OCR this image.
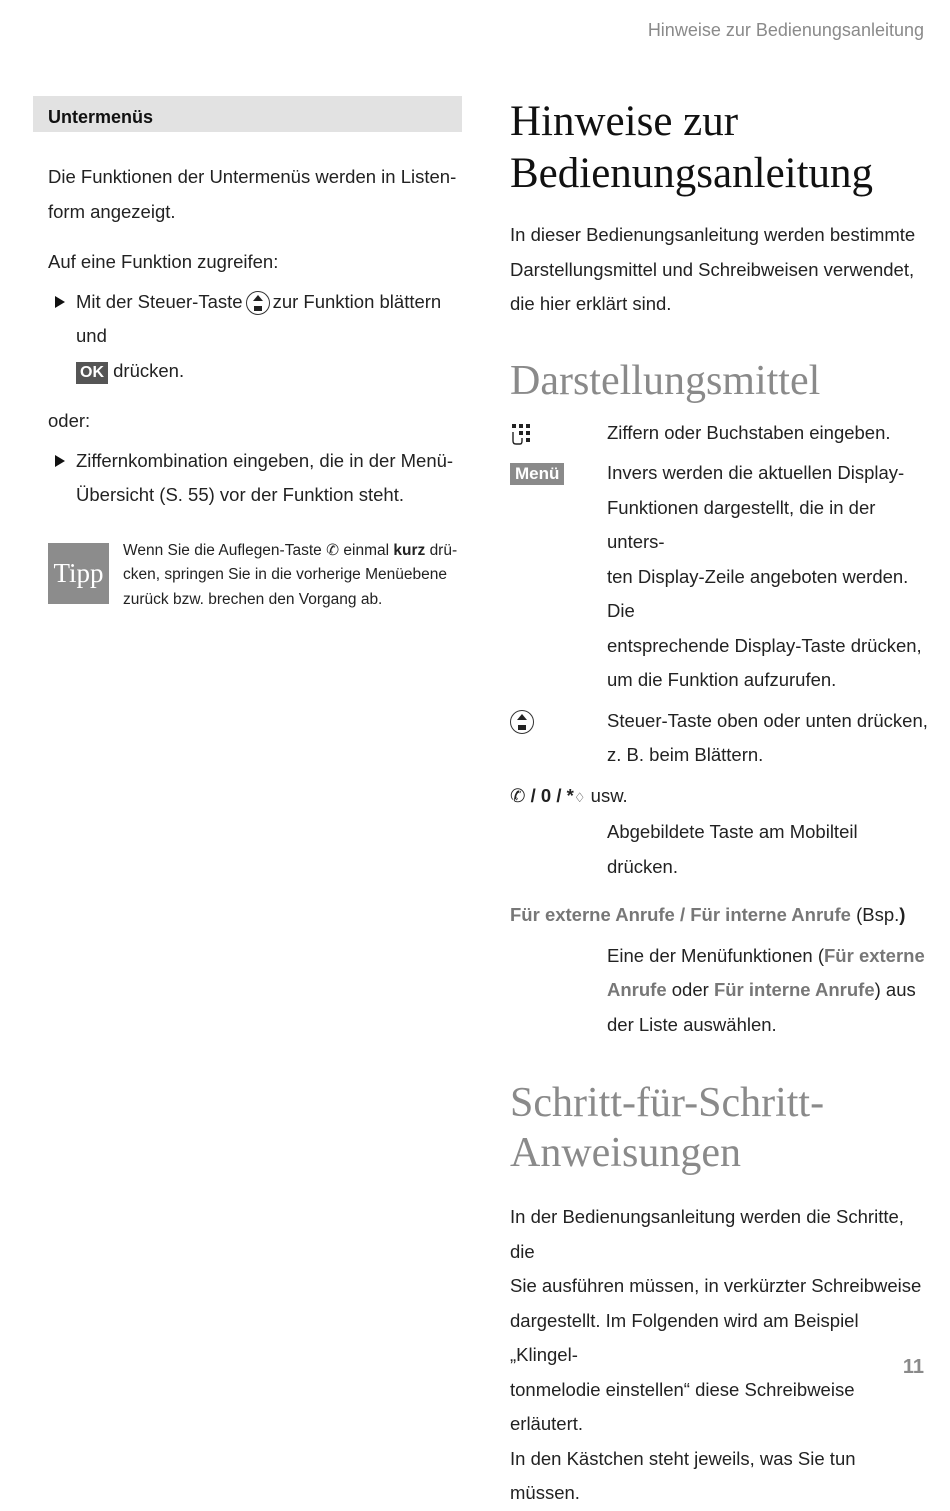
Hinweise zur Bedienungsanleitung
Untermenüs

Die Funktionen der Untermenüs werden in Listen-
form angezeigt.

Auf eine Funktion zugreifen:

Mit der Steuer-Taste zur Funktion blättern und
OK drücken.

oder:

Ziffernkombination eingeben, die in der Menü-
Übersicht (S. 55) vor der Funktion steht.

Tipp
Wenn Sie die Auflegen-Taste ✆ einmal kurz drü-
cken, springen Sie in die vorherige Menüebene
zurück bzw. brechen den Vorgang ab.
Hinweise zur
Bedienungsanleitung

In dieser Bedienungsanleitung werden bestimmte
Darstellungsmittel und Schreibweisen verwendet,
die hier erklärt sind.

Darstellungsmittel
Ziffern oder Buchstaben eingeben.
Menü	Invers werden die aktuellen Display-
Funktionen dargestellt, die in der unters-
ten Display-Zeile angeboten werden. Die
entsprechende Display-Taste drücken,
um die Funktion aufzurufen.
Steuer-Taste oben oder unten drücken,
z. B. beim Blättern.
✆ / 0 / *♢ usw.
Abgebildete Taste am Mobilteil drücken.
Für externe Anrufe / Für interne Anrufe (Bsp.)
Eine der Menüfunktionen (Für externe
Anrufe oder Für interne Anrufe) aus
der Liste auswählen.
Schritt-für-Schritt-
Anweisungen

In der Bedienungsanleitung werden die Schritte, die
Sie ausführen müssen, in verkürzter Schreibweise
dargestellt. Im Folgenden wird am Beispiel „Klingel-
tonmelodie einstellen“ diese Schreibweise erläutert.
In den Kästchen steht jeweils, was Sie tun müssen.

11
